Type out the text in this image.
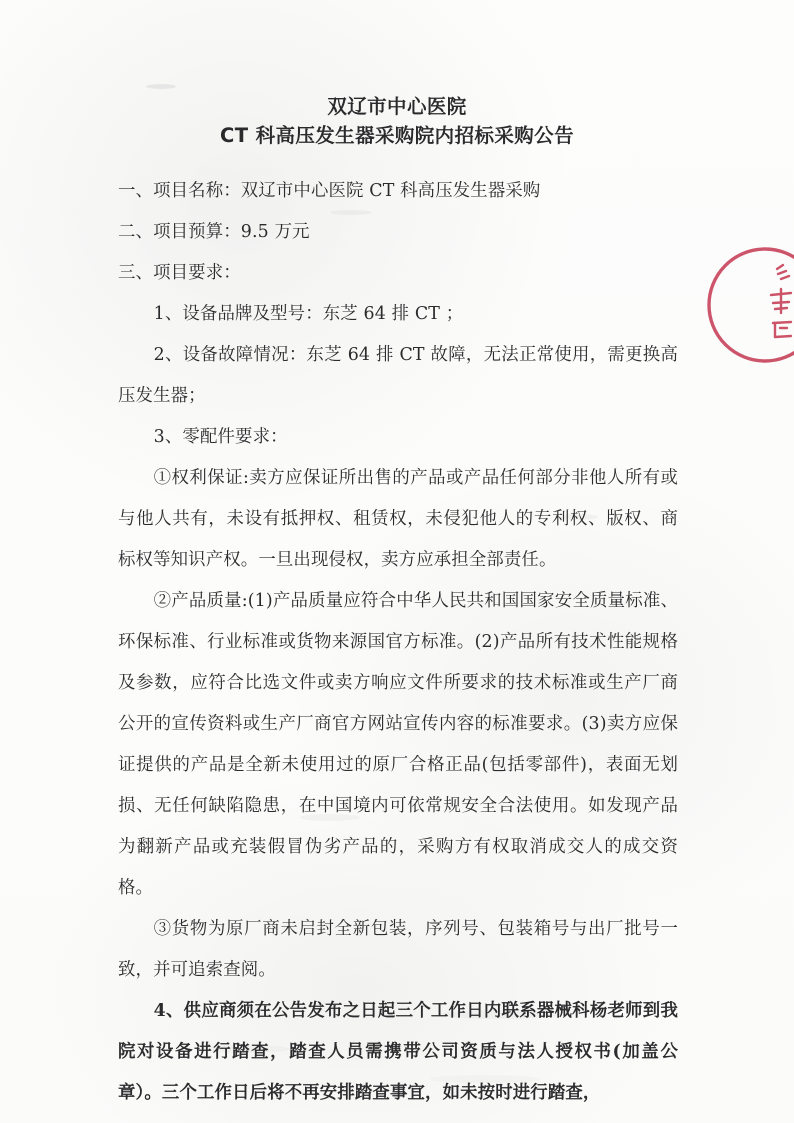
双辽市中心医院
CT 科高压发生器采购院内招标采购公告

一、项目名称：双辽市中心医院 CT 科高压发生器采购

二、项目预算：9.5 万元

三、项目要求：

1、设备品牌及型号：东芝 64 排 CT ；

2、设备故障情况：东芝 64 排 CT 故障，无法正常使用，需更换高压发生器；

3、零配件要求：

①权利保证:卖方应保证所出售的产品或产品任何部分非他人所有或与他人共有，未设有抵押权、租赁权，未侵犯他人的专利权、版权、商标权等知识产权。一旦出现侵权，卖方应承担全部责任。

②产品质量:(1)产品质量应符合中华人民共和国国家安全质量标准、环保标准、行业标准或货物来源国官方标准。(2)产品所有技术性能规格及参数，应符合比选文件或卖方响应文件所要求的技术标准或生产厂商公开的宣传资料或生产厂商官方网站宣传内容的标准要求。(3)卖方应保证提供的产品是全新未使用过的原厂合格正品(包括零部件)，表面无划损、无任何缺陷隐患，在中国境内可依常规安全合法使用。如发现产品为翻新产品或充装假冒伪劣产品的，采购方有权取消成交人的成交资格。

③货物为原厂商未启封全新包装，序列号、包装箱号与出厂批号一致，并可追索查阅。

4、供应商须在公告发布之日起三个工作日内联系器械科杨老师到我院对设备进行踏查，踏查人员需携带公司资质与法人授权书(加盖公章）。三个工作日后将不再安排踏查事宜，如未按时进行踏查，
